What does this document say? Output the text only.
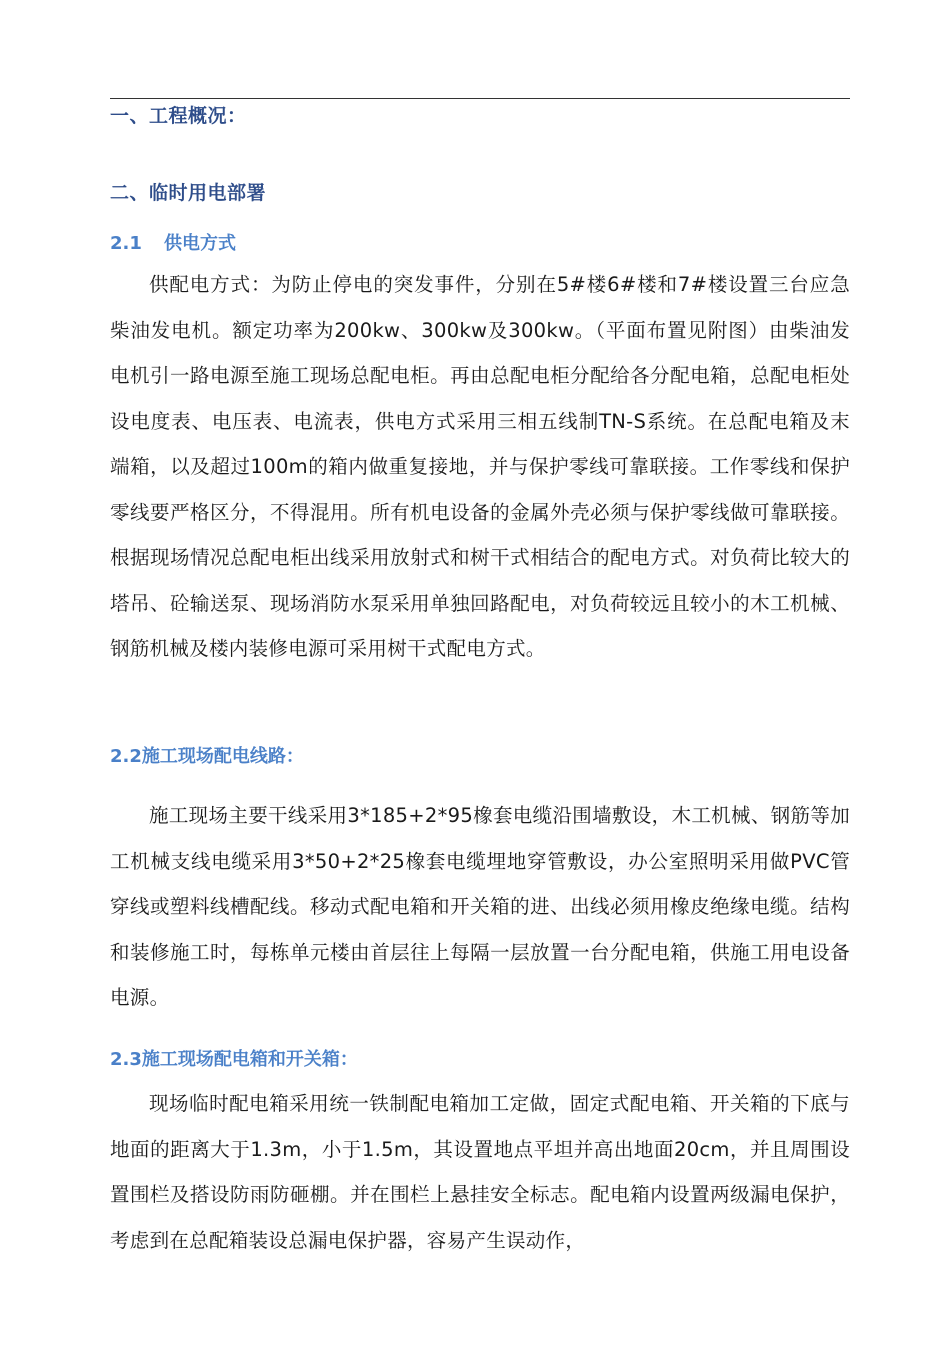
一、工程概况：
二、临时用电部署
2.1 供电方式

供配电方式：为防止停电的突发事件，分别在5#楼6#楼和7#楼设置三台应急柴油发电机。额定功率为200kw、300kw及300kw。（平面布置见附图）由柴油发电机引一路电源至施工现场总配电柜。再由总配电柜分配给各分配电箱，总配电柜处设电度表、电压表、电流表，供电方式采用三相五线制TN-S系统。在总配电箱及末端箱，以及超过100m的箱内做重复接地，并与保护零线可靠联接。工作零线和保护零线要严格区分，不得混用。所有机电设备的金属外壳必须与保护零线做可靠联接。根据现场情况总配电柜出线采用放射式和树干式相结合的配电方式。对负荷比较大的塔吊、砼输送泵、现场消防水泵采用单独回路配电，对负荷较远且较小的木工机械、钢筋机械及楼内装修电源可采用树干式配电方式。

2.2施工现场配电线路：

施工现场主要干线采用3*185+2*95橡套电缆沿围墙敷设，木工机械、钢筋等加工机械支线电缆采用3*50+2*25橡套电缆埋地穿管敷设，办公室照明采用做PVC管穿线或塑料线槽配线。移动式配电箱和开关箱的进、出线必须用橡皮绝缘电缆。结构和装修施工时，每栋单元楼由首层往上每隔一层放置一台分配电箱，供施工用电设备电源。

2.3施工现场配电箱和开关箱：

现场临时配电箱采用统一铁制配电箱加工定做，固定式配电箱、开关箱的下底与地面的距离大于1.3m，小于1.5m，其设置地点平坦并高出地面20cm，并且周围设置围栏及搭设防雨防砸棚。并在围栏上悬挂安全标志。配电箱内设置两级漏电保护，考虑到在总配箱装设总漏电保护器，容易产生误动作，
